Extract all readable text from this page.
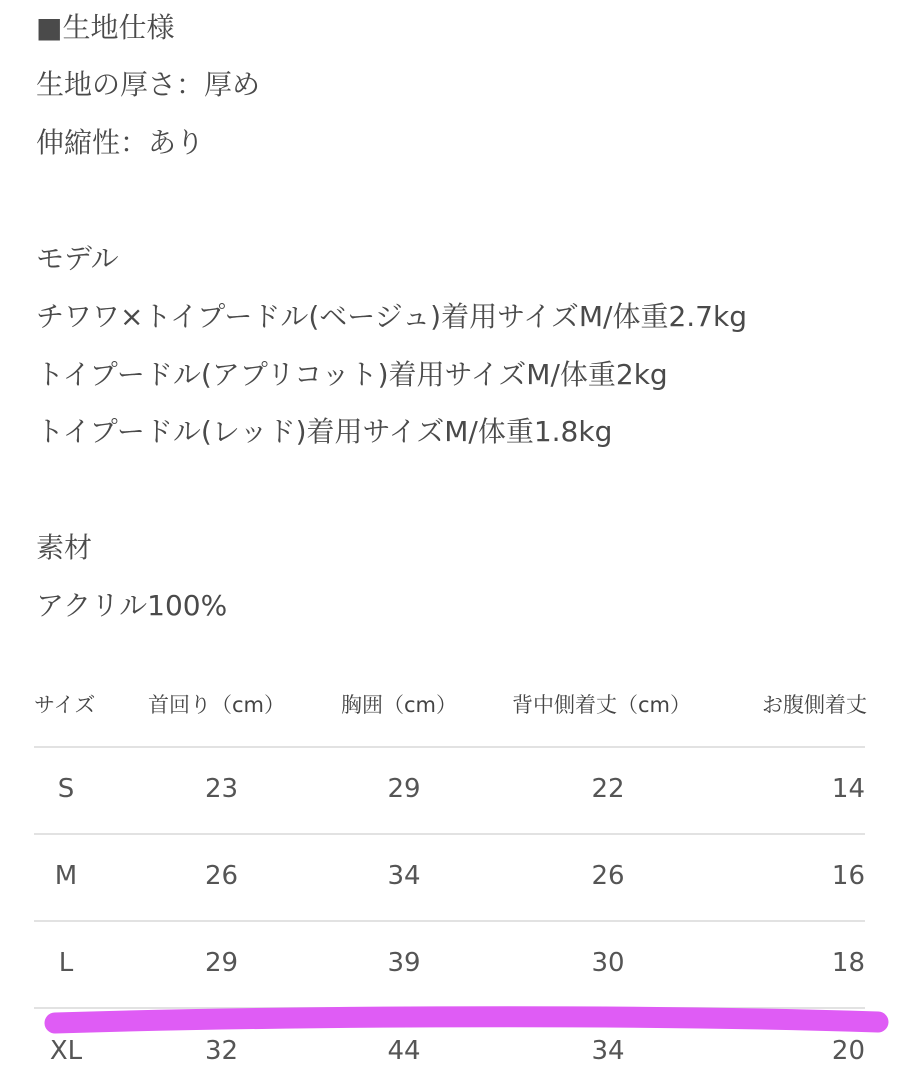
■生地仕様
生地の厚さ：厚め
伸縮性：あり
モデル
チワワ×トイプードル(ベージュ)着用サイズM/体重2.7kg
トイプードル(アプリコット)着用サイズM/体重2kg
トイプードル(レッド)着用サイズM/体重1.8kg
素材
アクリル100%
サイズ	首回り（cm）	胸囲（cm）	背中側着丈（cm）	お腹側着丈
S	23	29	22	14
M	26	34	26	16
L	29	39	30	18
XL	32	44	34	20
